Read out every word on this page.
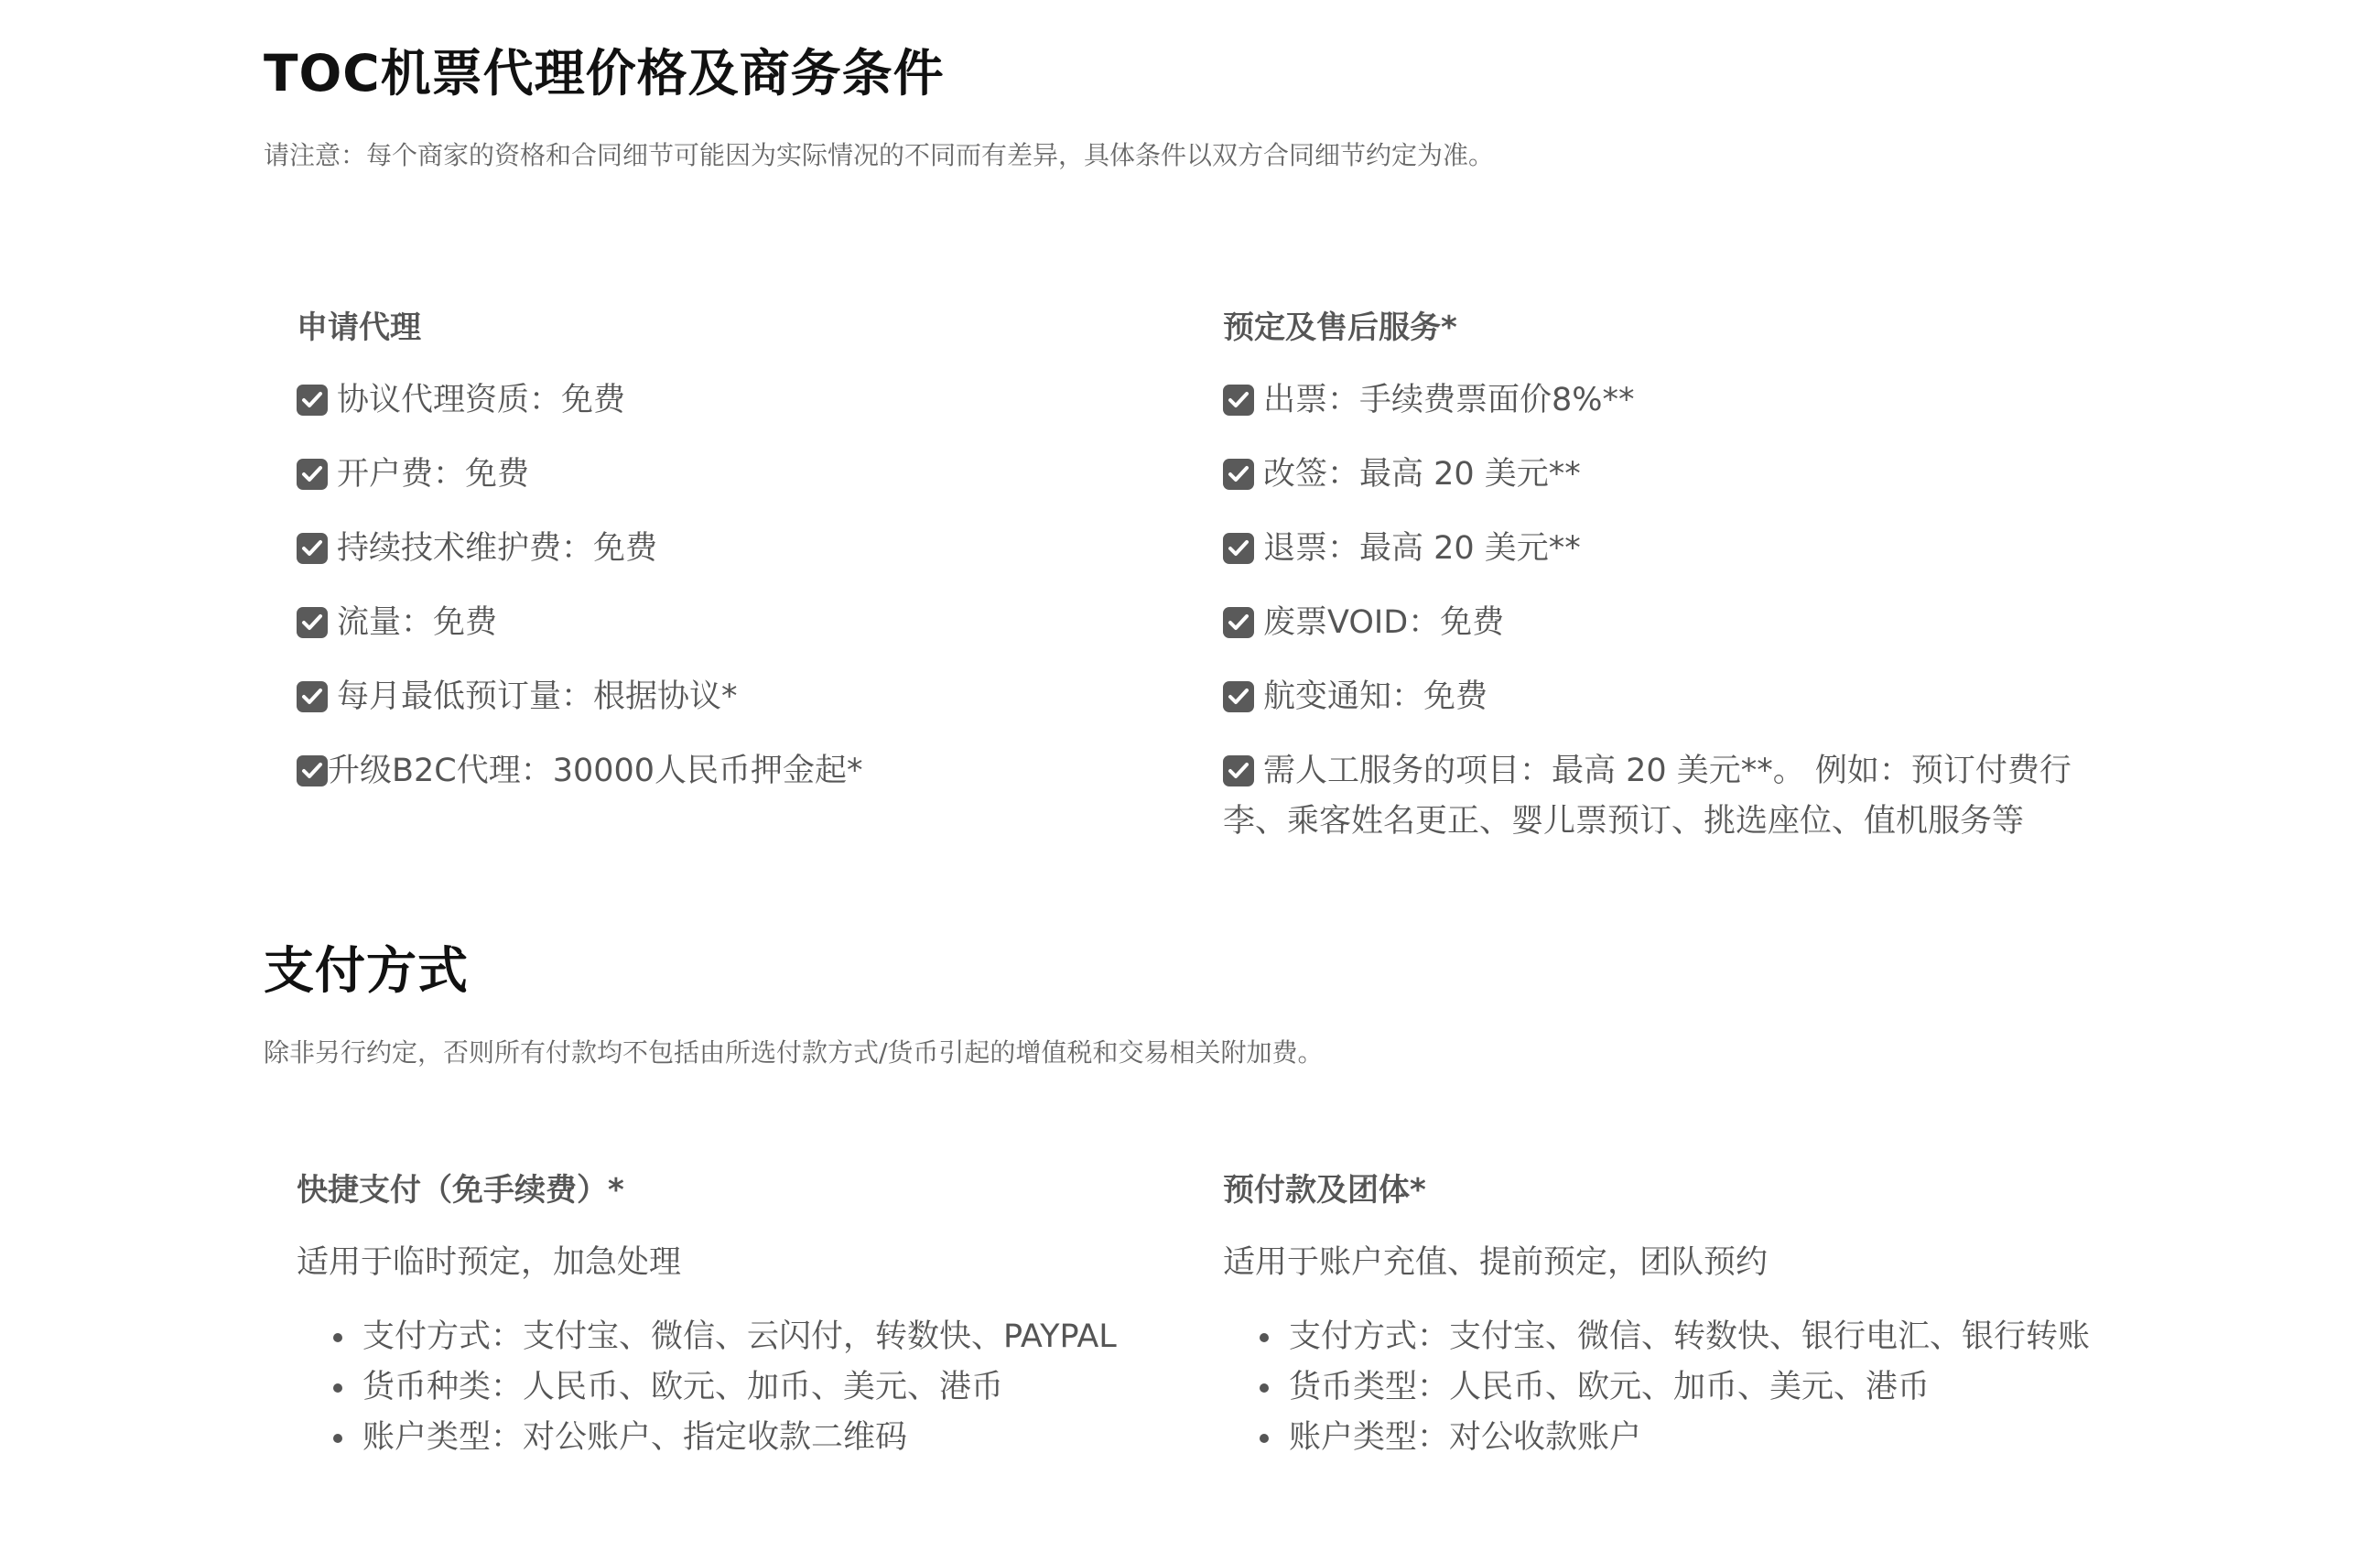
TOC机票代理价格及商务条件

请注意：每个商家的资格和合同细节可能因为实际情况的不同而有差异，具体条件以双方合同细节约定为准。

申请代理
协议代理资质：免费
开户费：免费
持续技术维护费：免费
流量：免费
每月最低预订量：根据协议*
升级B2C代理：30000人民币押金起*
预定及售后服务*
出票：手续费票面价8%**
改签：最高 20 美元**
退票：最高 20 美元**
废票VOID：免费
航变通知：免费
需人工服务的项目：最高 20 美元**。 例如：预订付费行李、乘客姓名更正、婴儿票预订、挑选座位、值机服务等
支付方式

除非另行约定，否则所有付款均不包括由所选付款方式/货币引起的增值税和交易相关附加费。

快捷支付（免手续费）*

适用于临时预定，加急处理

支付方式：支付宝、微信、云闪付，转数快、PAYPAL
货币种类：人民币、欧元、加币、美元、港币
账户类型：对公账户、指定收款二维码
预付款及团体*

适用于账户充值、提前预定，团队预约

支付方式：支付宝、微信、转数快、银行电汇、银行转账
货币类型：人民币、欧元、加币、美元、港币
账户类型：对公收款账户
